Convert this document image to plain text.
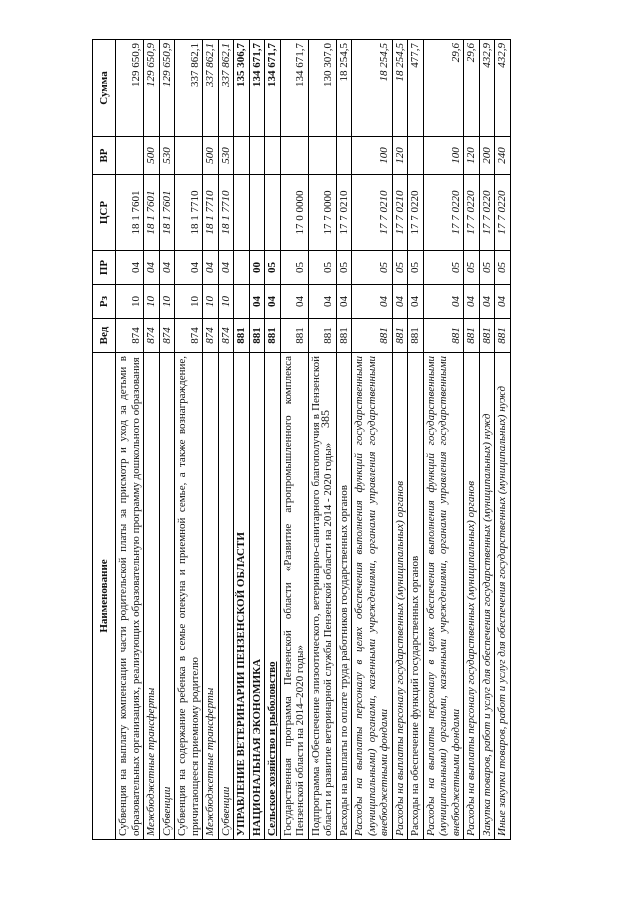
385
Наименование	Вед	Рз	ПР	ЦСР	ВР	Сумма
Субвенция на выплату компенсации части родительской платы за присмотр и уход за детьми в образовательных организациях, реализующих образовательную программу дошкольного образования	874	10	04	18 1 7601		129 650,9
Межбюджетные трансферты	874	10	04	18 1 7601	500	129 650,9
Субвенции	874	10	04	18 1 7601	530	129 650,9
Субвенция на содержание ребенка в семье опекуна и приемной семье, а также вознаграждение, причитающееся приемному родителю	874	10	04	18 1 7710		337 862,1
Межбюджетные трансферты	874	10	04	18 1 7710	500	337 862,1
Субвенции	874	10	04	18 1 7710	530	337 862,1
УПРАВЛЕНИЕ ВЕТЕРИНАРИИ ПЕНЗЕНСКОЙ ОБЛАСТИ	881					135 306,7
НАЦИОНАЛЬНАЯ ЭКОНОМИКА	881	04	00			134 671,7
Сельское хозяйство и рыболовство	881	04	05			134 671,7
Государственная программа Пензенской области «Развитие агропромышленного комплекса Пензенской области на 2014–2020 годы»	881	04	05	17 0 0000		134 671,7
Подпрограмма «Обеспечение эпизоотического, ветеринарно-санитарного благополучия в Пензенской области и развитие ветеринарной службы Пензенской области на 2014 - 2020 годы»	881	04	05	17 7 0000		130 307,0
Расходы на выплаты по оплате труда работников государственных органов	881	04	05	17 7 0210		18 254,5
Расходы на выплаты персоналу в целях обеспечения выполнения функций государственными (муниципальными) органами, казенными учреждениями, органами управления государственными внебюджетными фондами	881	04	05	17 7 0210	100	18 254,5
Расходы на выплаты персоналу государственных (муниципальных) органов	881	04	05	17 7 0210	120	18 254,5
Расходы на обеспечение функций государственных органов	881	04	05	17 7 0220		477,7
Расходы на выплаты персоналу в целях обеспечения выполнения функций государственными (муниципальными) органами, казенными учреждениями, органами управления государственными внебюджетными фондами	881	04	05	17 7 0220	100	29,6
Расходы на выплаты персоналу государственных (муниципальных) органов	881	04	05	17 7 0220	120	29,6
Закупка товаров, работ и услуг для обеспечения государственных (муниципальных) нужд	881	04	05	17 7 0220	200	432,9
Иные закупки товаров, работ и услуг для обеспечения государственных (муниципальных) нужд	881	04	05	17 7 0220	240	432,9
